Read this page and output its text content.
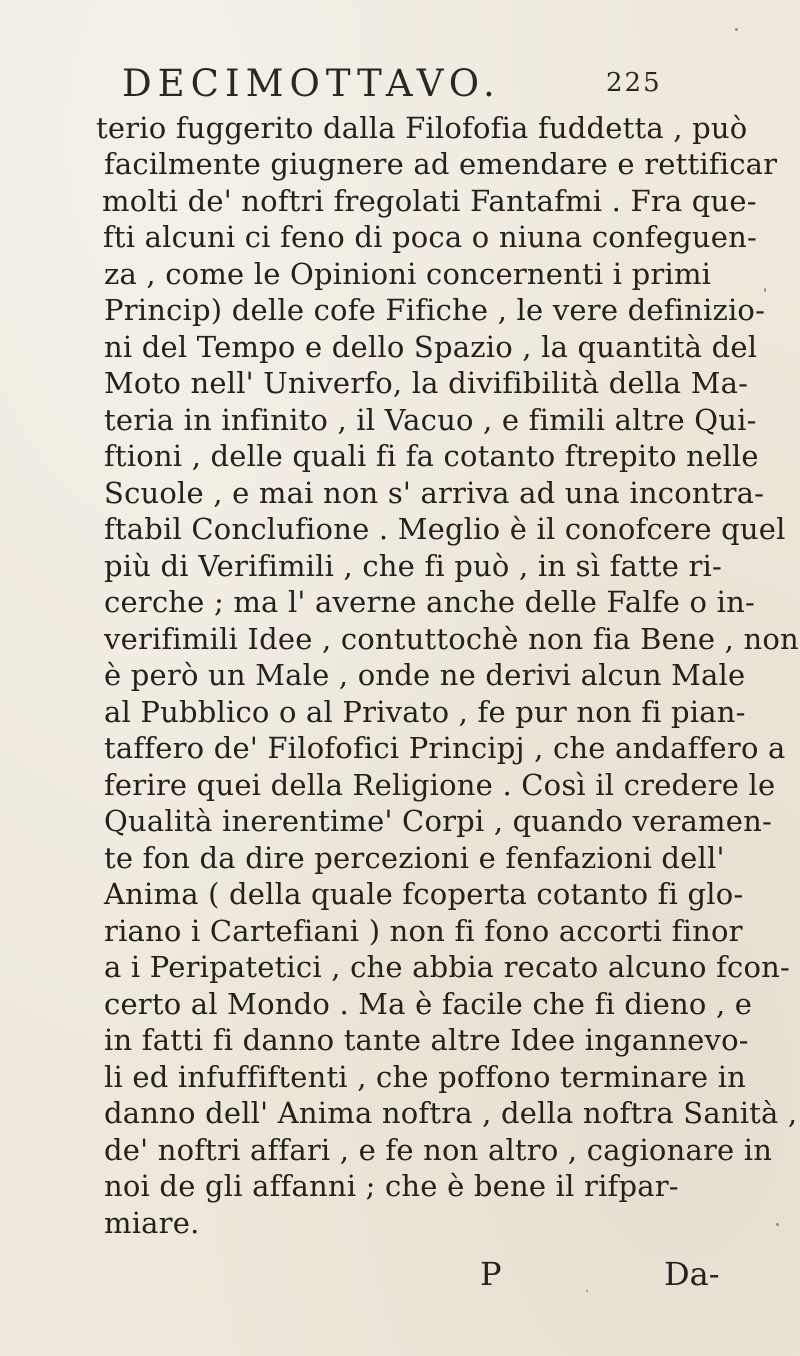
DECIMOTTAVO.	225
terio fuggerito dalla Filofofia fuddetta , può
facilmente giugnere ad emendare e rettificar
molti de' noftri fregolati Fantafmi . Fra que-
fti alcuni ci feno di poca o niuna confeguen-
za , come le Opinioni concernenti i primi
Princip) delle cofe Fifiche , le vere definizio-
ni del Tempo e dello Spazio , la quantità del
Moto nell' Univerfo, la divifibilità della Ma-
teria in infinito , il Vacuo , e fimili altre Qui-
ftioni , delle quali fi fa cotanto ftrepito nelle
Scuole , e mai non s' arriva ad una incontra-
ftabil Conclufione . Meglio è il conofcere quel
più di Verifimili , che fi può , in sì fatte ri-
cerche ; ma l' averne anche delle Falfe o in-
verifimili Idee , contuttochè non fia Bene , non
è però un Male , onde ne derivi alcun Male
al Pubblico o al Privato , fe pur non fi pian-
taffero de' Filofofici Principj , che andaffero a
ferire quei della Religione . Così il credere le
Qualità inerentime' Corpi , quando veramen-
te fon da dire percezioni e fenfazioni dell'
Anima ( della quale fcoperta cotanto fi glo-
riano i Cartefiani ) non fi fono accorti finor
a i Peripatetici , che abbia recato alcuno fcon-
certo al Mondo . Ma è facile che fi dieno , e
in fatti fi danno tante altre Idee ingannevo-
li ed infuffiftenti , che poffono terminare in
danno dell' Anima noftra , della noftra Sanità ,
de' noftri affari , e fe non altro , cagionare in
noi de gli affanni ; che è bene il rifpar-
miare.
P	Da-
